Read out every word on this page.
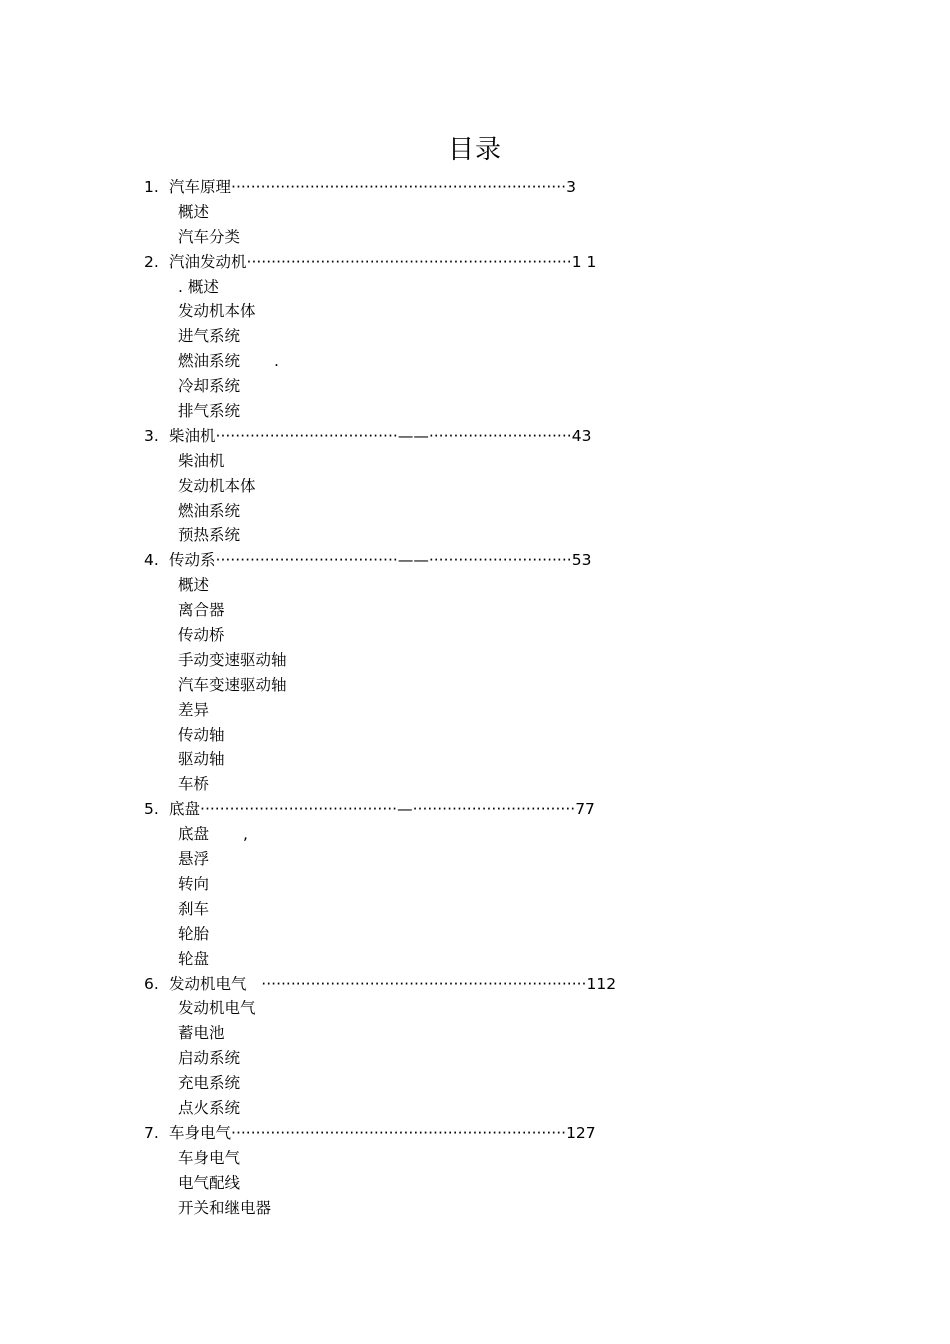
目录
1. 汽车原理 ···································································· 3
概述
汽车分类
2. 汽油发动机 ·································································· 1 1
. 概述
发动机本体
进气系统
燃油系统 .
冷却系统
排气系统
3. 柴油机 ·····································——····························· 43
柴油机
发动机本体
燃油系统
预热系统
4. 传动系 ·····································——····························· 53
概述
离合器
传动桥
手动变速驱动轴
汽车变速驱动轴
差异
传动轴
驱动轴
车桥
5. 底盘 ········································—································· 77
底盘 ,
悬浮
转向
刹车
轮胎
轮盘
6. 发动机电气 ·································································· 112
发动机电气
蓄电池
启动系统
充电系统
点火系统
7. 车身电气 ···································································· 127
车身电气
电气配线
开关和继电器
